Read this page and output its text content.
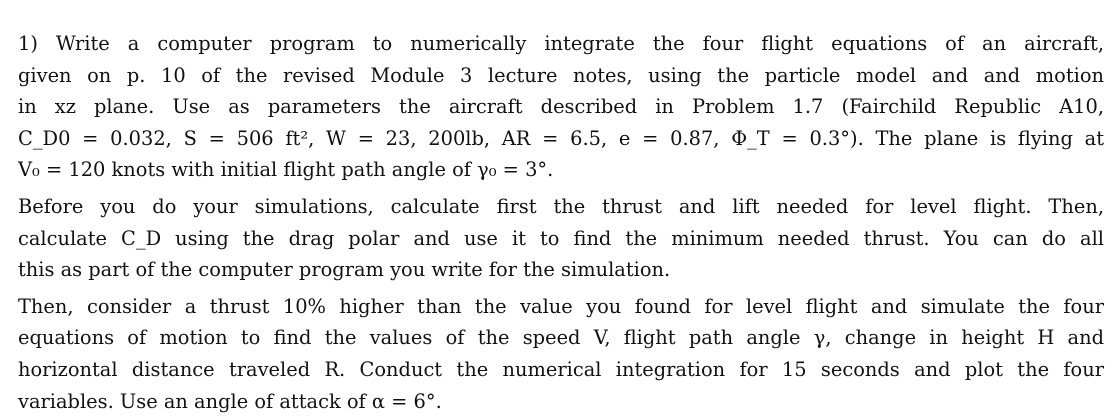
1) Write a computer program to numerically integrate the four flight equations of an aircraft,
given on p. 10 of the revised Module 3 lecture notes, using the particle model and and motion
in xz plane. Use as parameters the aircraft described in Problem 1.7 (Fairchild Republic A10,
C_D0 = 0.032, S = 506 ft², W = 23, 200lb, AR = 6.5, e = 0.87, Φ_T = 0.3°). The plane is flying at
V₀ = 120 knots with initial flight path angle of γ₀ = 3°.

Before you do your simulations, calculate first the thrust and lift needed for level flight. Then,
calculate C_D using the drag polar and use it to find the minimum needed thrust. You can do all
this as part of the computer program you write for the simulation.

Then, consider a thrust 10% higher than the value you found for level flight and simulate the four
equations of motion to find the values of the speed V, flight path angle γ, change in height H and
horizontal distance traveled R. Conduct the numerical integration for 15 seconds and plot the four
variables. Use an angle of attack of α = 6°.
